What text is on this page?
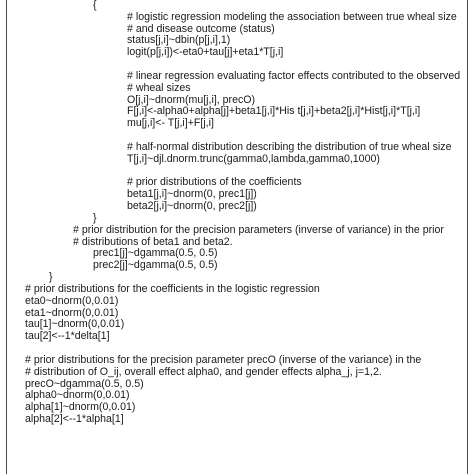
{
# logistic regression modeling the association between true wheal size
# and disease outcome (status)
status[j,i]~dbin(p[j,i],1)
logit(p[j,i])<-eta0+tau[j]+eta1*T[j,i]
# linear regression evaluating factor effects contributed to the observed
# wheal sizes
O[j,i]~dnorm(mu[j,i], precO)
F[j,i]<-alpha0+alpha[j]+beta1[j,i]*His t[j,i]+beta2[j,i]*Hist[j,i]*T[j,i]
mu[j,i]<- T[j,i]+F[j,i]
# half-normal distribution describing the distribution of true wheal size
T[j,i]~djl.dnorm.trunc(gamma0,lambda,gamma0,1000)
# prior distributions of the coefficients
beta1[j,i]~dnorm(0, prec1[j])
beta2[j,i]~dnorm(0, prec2[j])
}
# prior distribution for the precision parameters (inverse of variance) in the prior
# distributions of beta1 and beta2.
prec1[j]~dgamma(0.5, 0.5)
prec2[j]~dgamma(0.5, 0.5)
}
# prior distributions for the coefficients in the logistic regression
eta0~dnorm(0,0.01)
eta1~dnorm(0,0.01)
tau[1]~dnorm(0,0.01)
tau[2]<--1*delta[1]
# prior distributions for the precision parameter precO (inverse of the variance) in the
# distribution of O_ij, overall effect alpha0, and gender effects alpha_j, j=1,2.
precO~dgamma(0.5, 0.5)
alpha0~dnorm(0,0.01)
alpha[1]~dnorm(0,0.01)
alpha[2]<--1*alpha[1]
